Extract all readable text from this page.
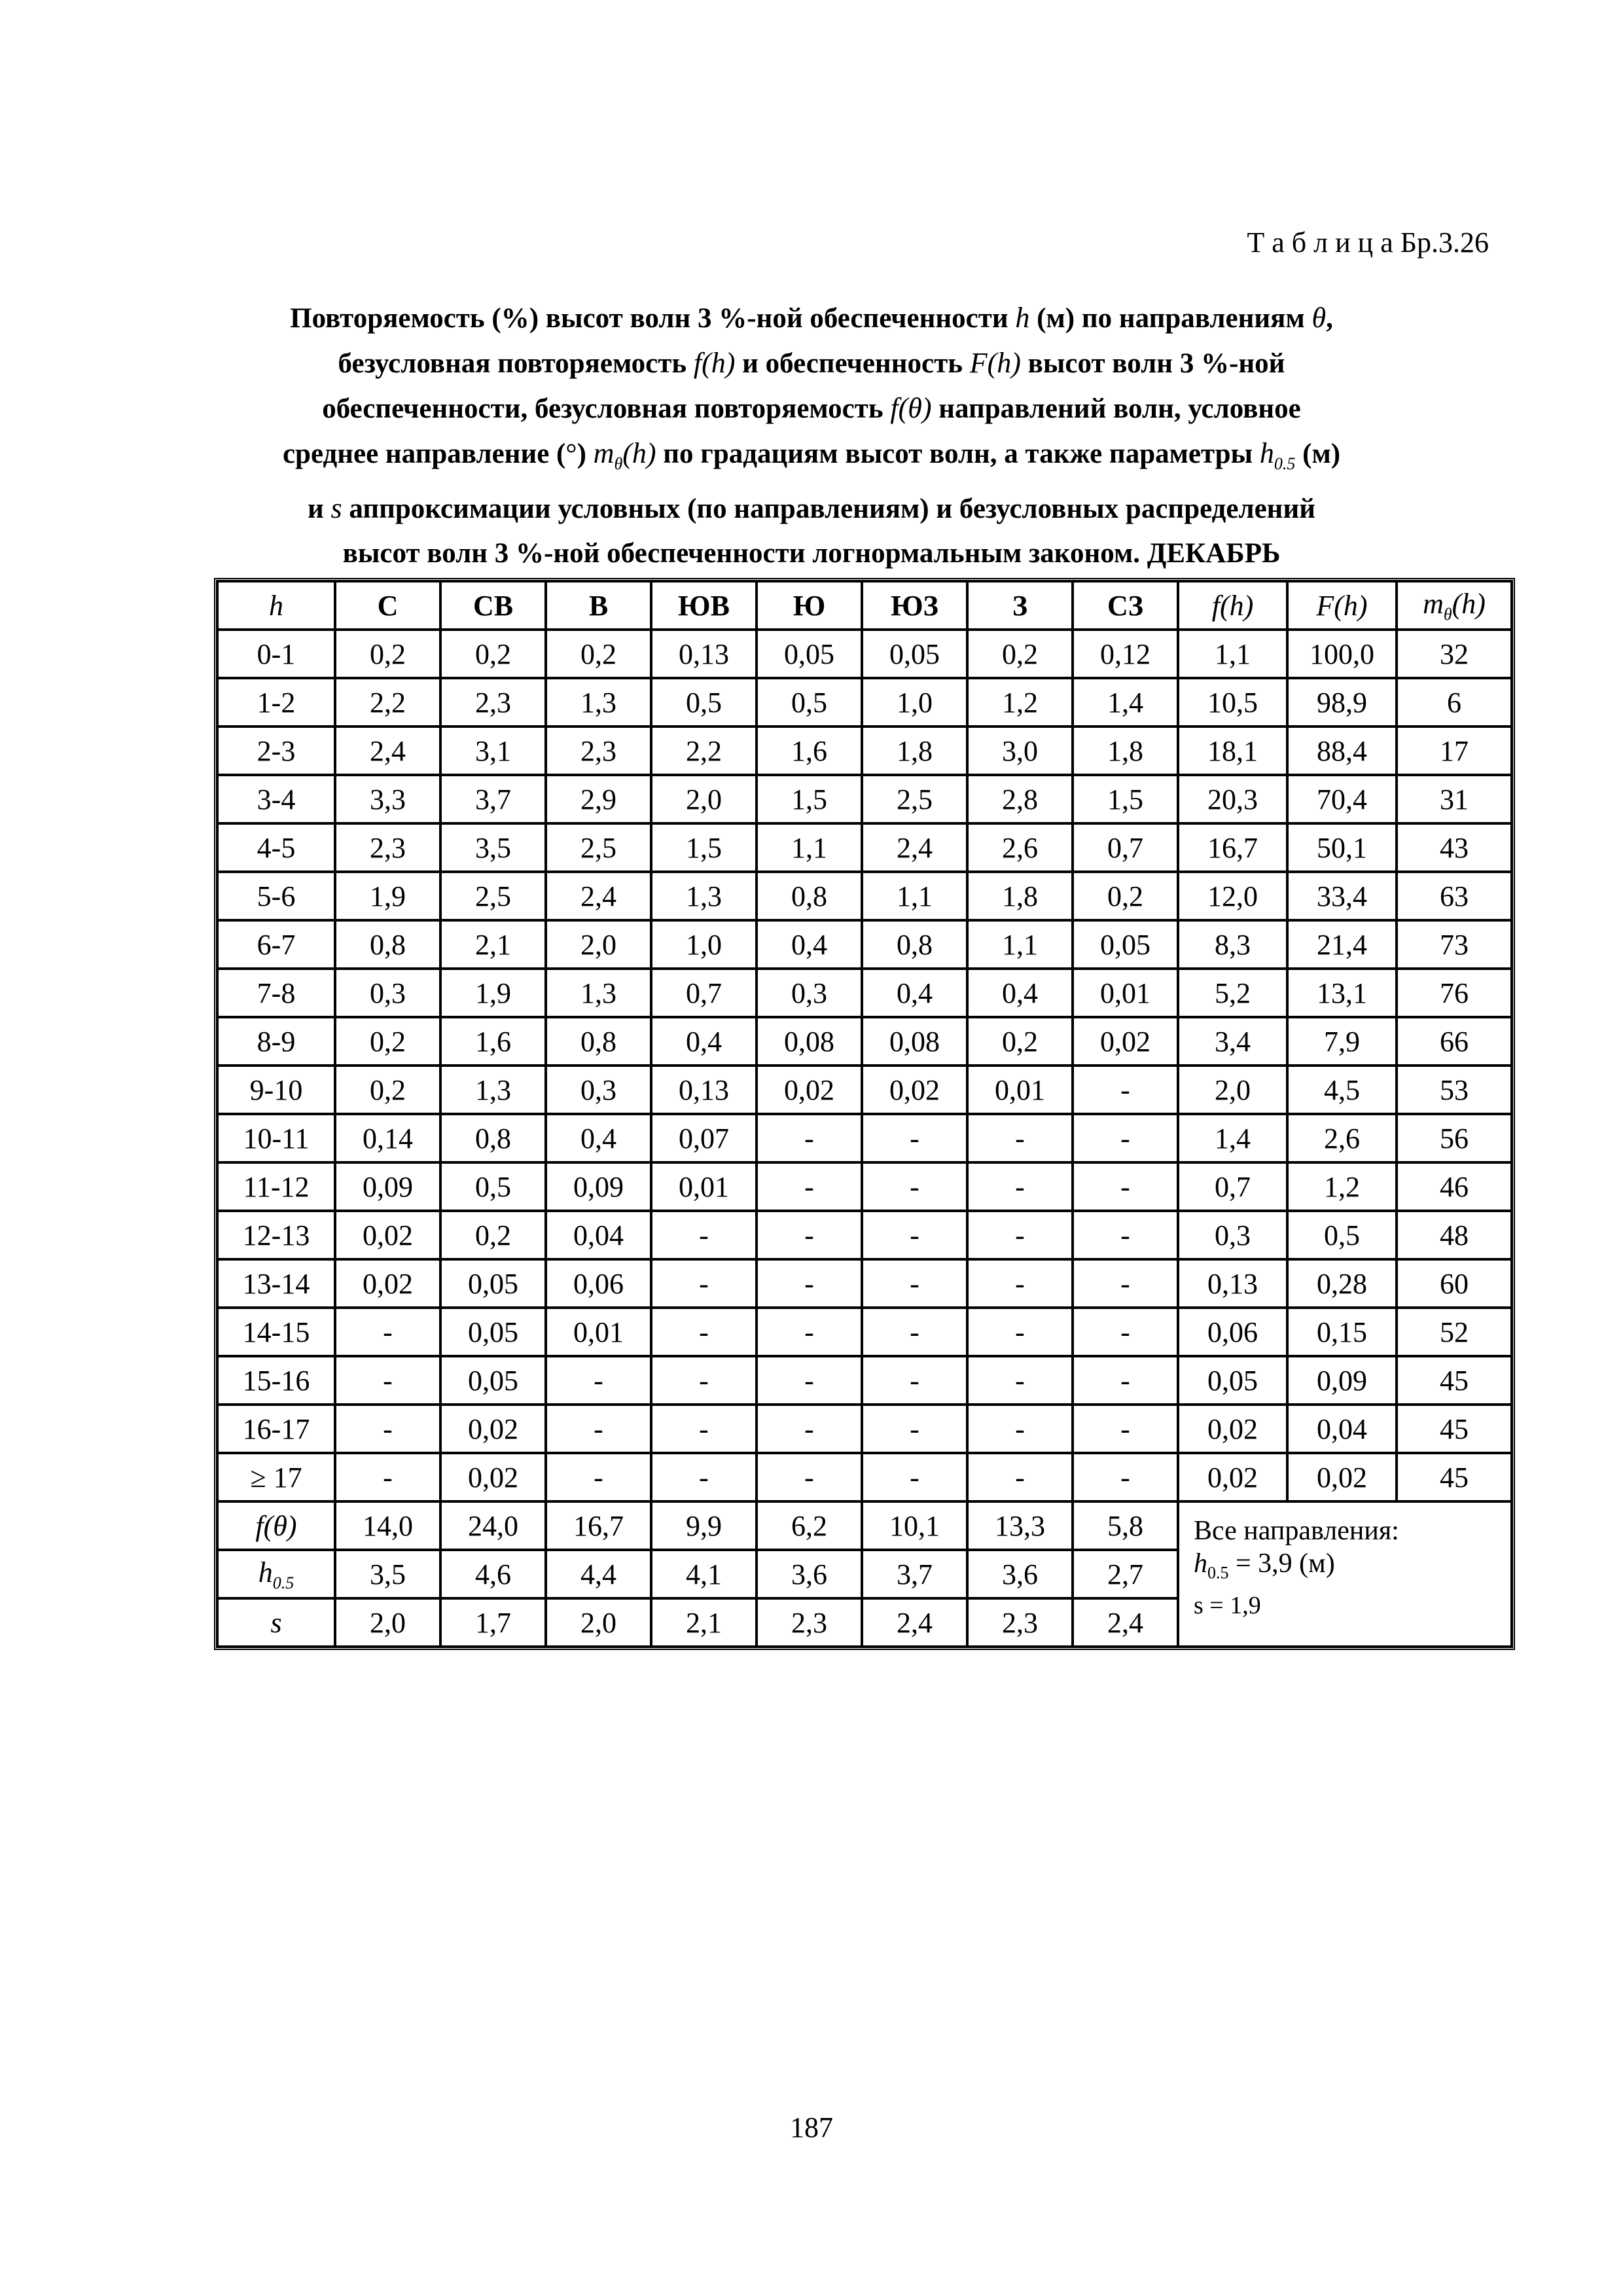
Т а б л и ц а Бр.3.26
Повторяемость (%) высот волн 3 %-ной обеспеченности h (м) по направлениям θ,
безусловная повторяемость f(h) и обеспеченность F(h) высот волн 3 %-ной
обеспеченности, безусловная повторяемость f(θ) направлений волн, условное
среднее направление (°) $m_\theta(h)$ по градациям высот волн, а также параметры $h_{0.5}$ (м)
и s аппроксимации условных (по направлениям) и безусловных распределений
высот волн 3 %-ной обеспеченности логнормальным законом. ДЕКАБРЬ
h	С	СВ	В	ЮВ	Ю	ЮЗ	З	СЗ	f(h)	F(h)	$m_\theta(h)$
0-1	0,2	0,2	0,2	0,13	0,05	0,05	0,2	0,12	1,1	100,0	32
1-2	2,2	2,3	1,3	0,5	0,5	1,0	1,2	1,4	10,5	98,9	6
2-3	2,4	3,1	2,3	2,2	1,6	1,8	3,0	1,8	18,1	88,4	17
3-4	3,3	3,7	2,9	2,0	1,5	2,5	2,8	1,5	20,3	70,4	31
4-5	2,3	3,5	2,5	1,5	1,1	2,4	2,6	0,7	16,7	50,1	43
5-6	1,9	2,5	2,4	1,3	0,8	1,1	1,8	0,2	12,0	33,4	63
6-7	0,8	2,1	2,0	1,0	0,4	0,8	1,1	0,05	8,3	21,4	73
7-8	0,3	1,9	1,3	0,7	0,3	0,4	0,4	0,01	5,2	13,1	76
8-9	0,2	1,6	0,8	0,4	0,08	0,08	0,2	0,02	3,4	7,9	66
9-10	0,2	1,3	0,3	0,13	0,02	0,02	0,01	-	2,0	4,5	53
10-11	0,14	0,8	0,4	0,07	-	-	-	-	1,4	2,6	56
11-12	0,09	0,5	0,09	0,01	-	-	-	-	0,7	1,2	46
12-13	0,02	0,2	0,04	-	-	-	-	-	0,3	0,5	48
13-14	0,02	0,05	0,06	-	-	-	-	-	0,13	0,28	60
14-15	-	0,05	0,01	-	-	-	-	-	0,06	0,15	52
15-16	-	0,05	-	-	-	-	-	-	0,05	0,09	45
16-17	-	0,02	-	-	-	-	-	-	0,02	0,04	45
≥ 17	-	0,02	-	-	-	-	-	-	0,02	0,02	45
f(θ)	14,0	24,0	16,7	9,9	6,2	10,1	13,3	5,8	Все направления:
$h_{0.5} = 3,9$ (м)
s = 1,9		

$h_{0.5}$	3,5	4,6	4,4	4,1	3,6	3,7	3,6	2,7			
s	2,0	1,7	2,0	2,1	2,3	2,4	2,3	2,4			
187
